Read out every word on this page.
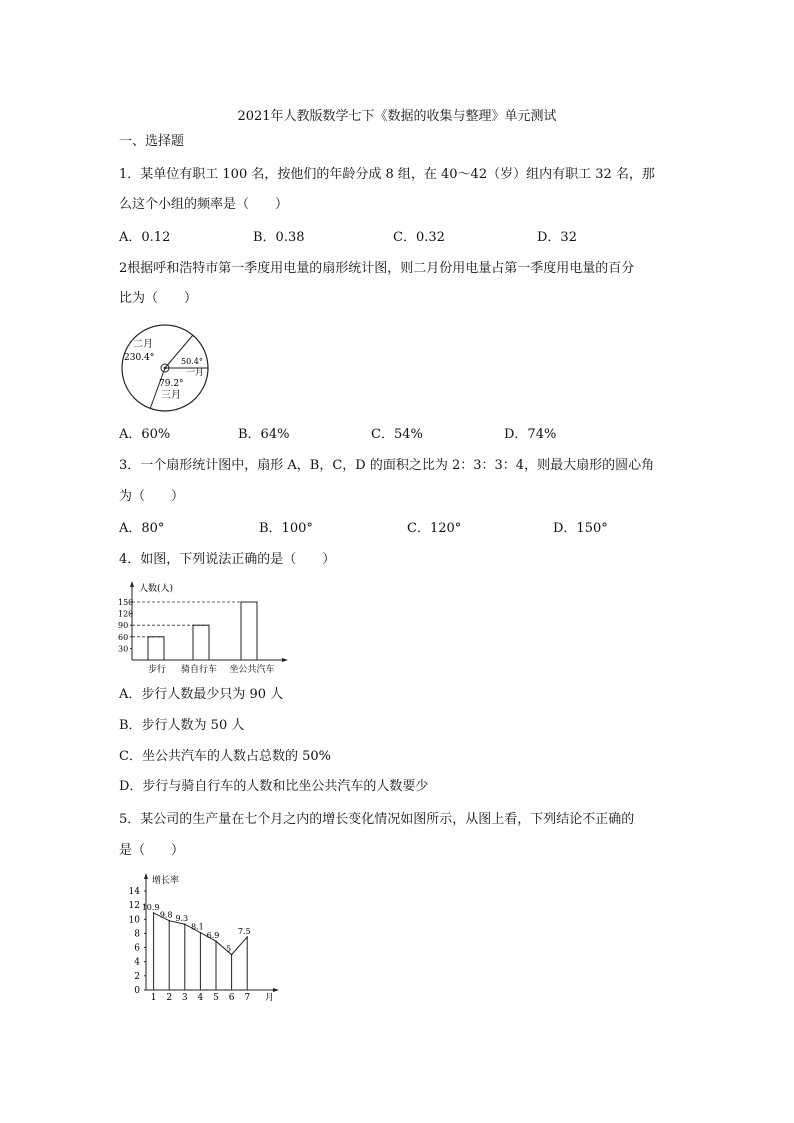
2021年人教版数学七下《数据的收集与整理》单元测试
一、选择题
1．某单位有职工 100 名，按他们的年龄分成 8 组，在 40～42（岁）组内有职工 32 名，那
么这个小组的频率是（　　）
A．0.12	B．0.38	C．0.32	D．32
2根据呼和浩特市第一季度用电量的扇形统计图，则二月份用电量占第一季度用电量的百分
比为（　　）
二月
230.4°	50.4°
一月
79.2°
三月
A．60%	B．64%	C．54%	D．74%
3．一个扇形统计图中，扇形 A，B，C，D 的面积之比为 2：3：3：4，则最大扇形的圆心角
为（　　）
A．80°	B．100°	C．120°	D．150°
4．如图，下列说法正确的是（　　）
人数(人)
150
120
90
60
30
步行 骑自行车 坐公共汽车
A．步行人数最少只为 90 人
B．步行人数为 50 人
C．坐公共汽车的人数占总数的 50%
D．步行与骑自行车的人数和比坐公共汽车的人数要少
5．某公司的生产量在七个月之内的增长变化情况如图所示，从图上看，下列结论不正确的
是（　　）
增长率
月
14
12
10
8
6
4
2
0
10.9
9.8 9.3
8.1
6.9
5
7.5
1 2 3 4 5 6 7
